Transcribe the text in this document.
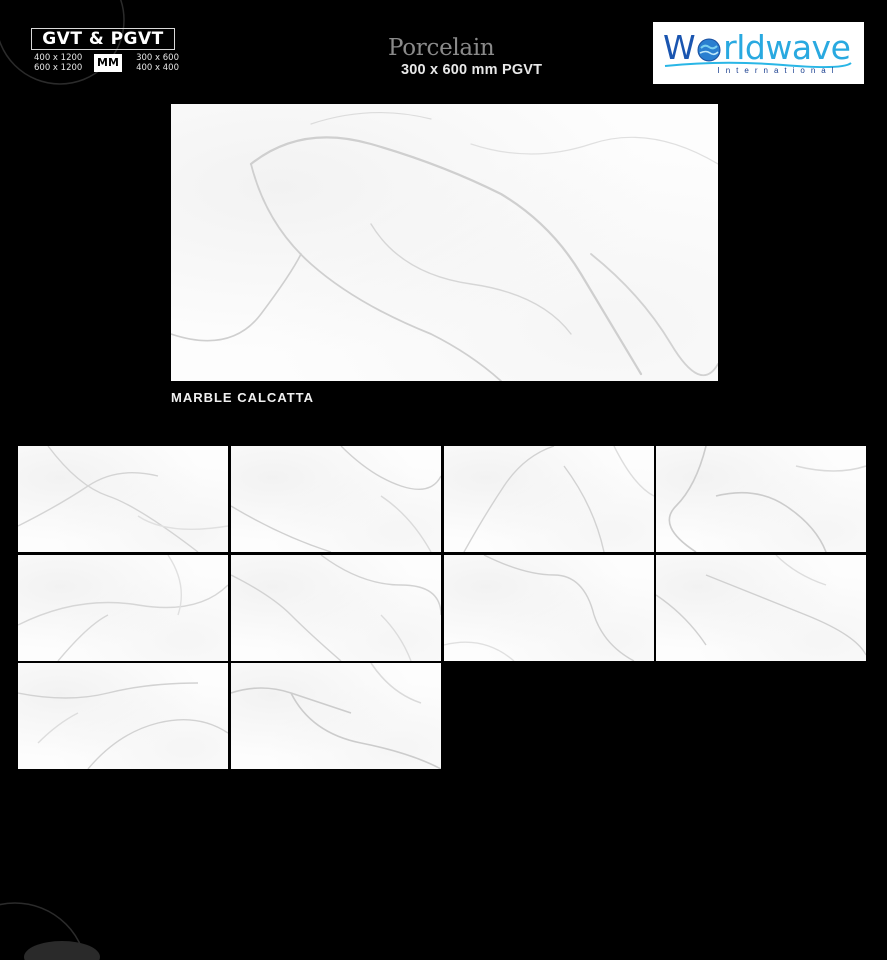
GVT & PGVT
400 x 1200
600 x 1200	MM	300 x 600
400 x 400
Porcelain
300 x 600 mm PGVT
W rldwave
International
MARBLE CALCATTA
